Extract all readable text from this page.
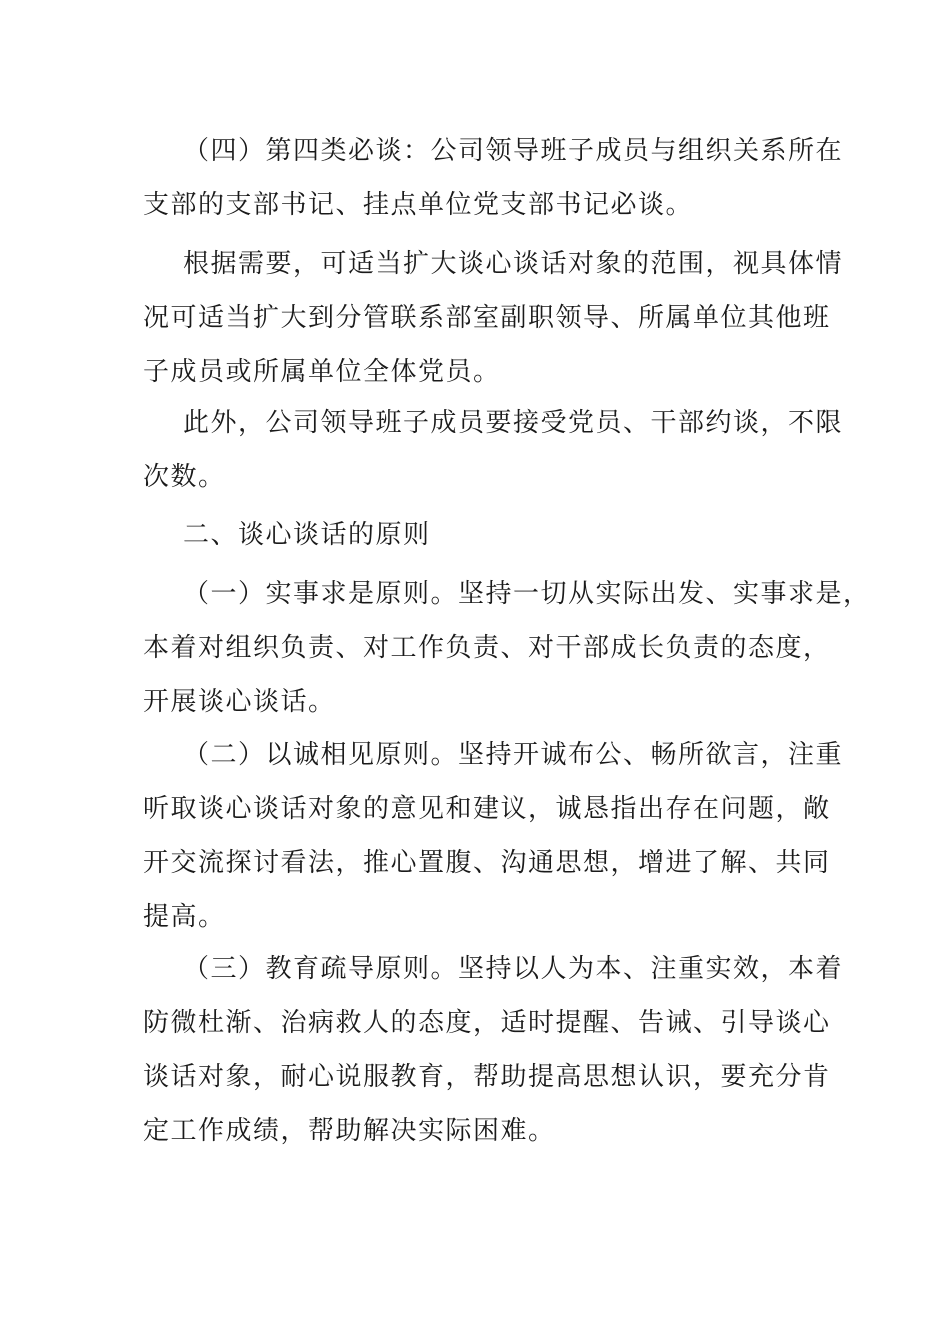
（四）第四类必谈：公司领导班子成员与组织关系所在
支部的支部书记、挂点单位党支部书记必谈。
根据需要，可适当扩大谈心谈话对象的范围，视具体情
况可适当扩大到分管联系部室副职领导、所属单位其他班
子成员或所属单位全体党员。
此外，公司领导班子成员要接受党员、干部约谈，不限
次数。
二、谈心谈话的原则
（一）实事求是原则。坚持一切从实际出发、实事求是，
本着对组织负责、对工作负责、对干部成长负责的态度，
开展谈心谈话。
（二）以诚相见原则。坚持开诚布公、畅所欲言，注重
听取谈心谈话对象的意见和建议，诚恳指出存在问题，敞
开交流探讨看法，推心置腹、沟通思想，增进了解、共同
提高。
（三）教育疏导原则。坚持以人为本、注重实效，本着
防微杜渐、治病救人的态度，适时提醒、告诫、引导谈心
谈话对象，耐心说服教育，帮助提高思想认识，要充分肯
定工作成绩，帮助解决实际困难。
